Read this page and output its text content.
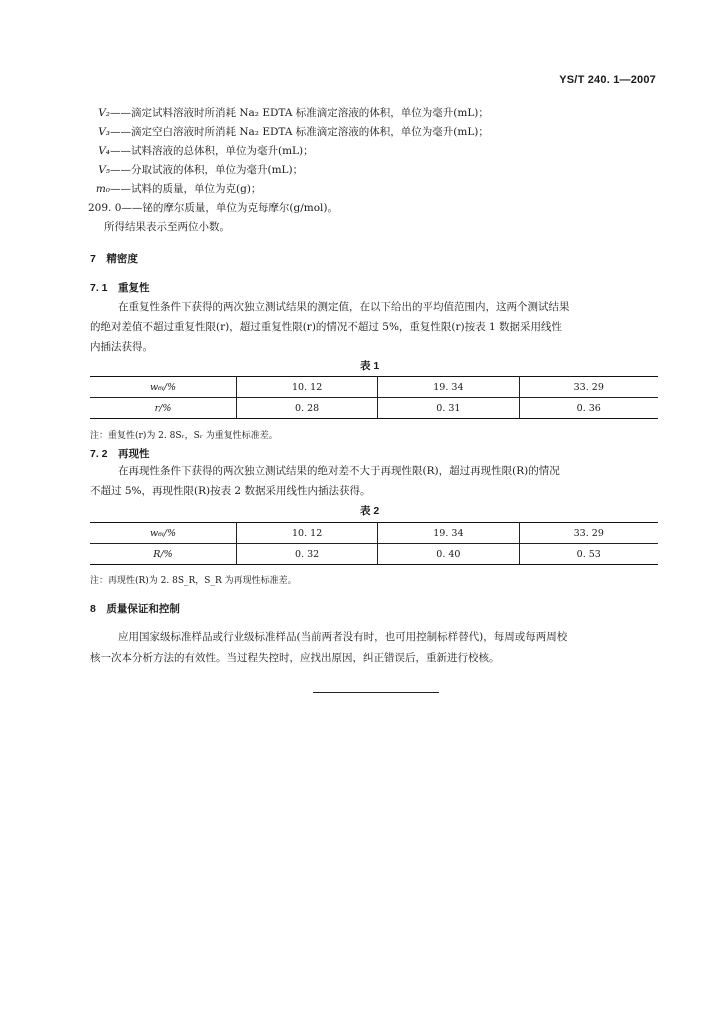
YS/T 240. 1—2007
V₂——滴定试料溶液时所消耗 Na₂ EDTA 标准滴定溶液的体积，单位为毫升(mL)；
V₃——滴定空白溶液时所消耗 Na₂ EDTA 标准滴定溶液的体积，单位为毫升(mL)；
V₄——试料溶液的总体积，单位为毫升(mL)；
V₅——分取试液的体积，单位为毫升(mL)；
m₀——试料的质量，单位为克(g)；
209. 0——铋的摩尔质量，单位为克每摩尔(g/mol)。
所得结果表示至两位小数。
7　精密度
7. 1　重复性
在重复性条件下获得的两次独立测试结果的测定值，在以下给出的平均值范围内，这两个测试结果
的绝对差值不超过重复性限(r)，超过重复性限(r)的情况不超过 5%，重复性限(r)按表 1 数据采用线性
内插法获得。
表 1
w₆ᵢ/%	10. 12	19. 34	33. 29
r/%	0. 28	0. 31	0. 36
注：重复性(r)为 2. 8Sᵣ，Sᵣ 为重复性标准差。
7. 2　再现性
在再现性条件下获得的两次独立测试结果的绝对差不大于再现性限(R)，超过再现性限(R)的情况
不超过 5%，再现性限(R)按表 2 数据采用线性内插法获得。
表 2
w₆ᵢ/%	10. 12	19. 34	33. 29
R/%	0. 32	0. 40	0. 53
注：再现性(R)为 2. 8S_R，S_R 为再现性标准差。
8　质量保证和控制
应用国家级标准样品或行业级标准样品(当前两者没有时，也可用控制标样替代)，每周或每两周校
核一次本分析方法的有效性。当过程失控时，应找出原因，纠正错误后，重新进行校核。
